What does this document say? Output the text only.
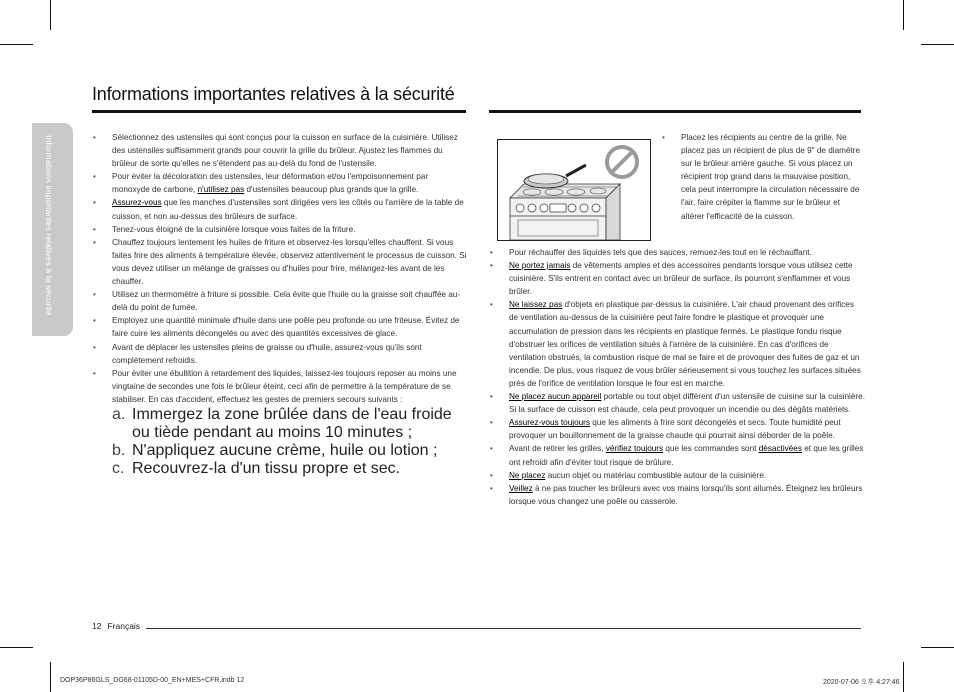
Informations importantes relatives à la sécurité
Informations importantes relatives à la sécurité
• Sélectionnez des ustensiles qui sont conçus pour la cuisson en surface de la cuisinière. Utilisez des ustensiles suffisamment grands pour couvrir la grille du brûleur. Ajustez les flammes du brûleur de sorte qu'elles ne s'étendent pas au-delà du fond de l'ustensile.
• Pour éviter la décoloration des ustensiles, leur déformation et/ou l'empoisonnement par monoxyde de carbone, n'utilisez pas d'ustensiles beaucoup plus grands que la grille.
• Assurez-vous que les manches d'ustensiles sont dirigées vers les côtés ou l'arrière de la table de cuisson, et non au-dessus des brûleurs de surface.
• Tenez-vous éloigné de la cuisinière lorsque vous faites de la friture.
• Chauffez toujours lentement les huiles de friture et observez-les lorsqu'elles chauffent. Si vous faites frire des aliments à température élevée, observez attentivement le processus de cuisson. Si vous devez utiliser un mélange de graisses ou d'huiles pour frire, mélangez-les avant de les chauffer.
• Utilisez un thermomètre à friture si possible. Cela évite que l'huile ou la graisse soit chauffée au-delà du point de fumée.
• Employez une quantité minimale d'huile dans une poêle peu profonde ou une friteuse. Évitez de faire cuire les aliments décongelés ou avec des quantités excessives de glace.
• Avant de déplacer les ustensiles pleins de graisse ou d'huile, assurez-vous qu'ils sont complètement refroidis.
• Pour éviter une ébullition à retardement des liquides, laissez-les toujours reposer au moins une vingtaine de secondes une fois le brûleur éteint, ceci afin de permettre à la température de se stabiliser. En cas d'accident, effectuez les gestes de premiers secours suivants :
a. Immergez la zone brûlée dans de l'eau froide ou tiède pendant au moins 10 minutes ;
b. N'appliquez aucune crème, huile ou lotion ;
c. Recouvrez-la d'un tissu propre et sec.
• Placez les récipients au centre de la grille. Ne placez pas un récipient de plus de 9" de diamètre sur le brûleur arrière gauche. Si vous placez un récipient trop grand dans la mauvaise position, cela peut interrompre la circulation nécessaire de l'air, faire crépiter la flamme sur le brûleur et altérer l'efficacité de la cuisson.
• Pour réchauffer des liquides tels que des sauces, remuez-les tout en le réchauffant.
• Ne portez jamais de vêtements amples et des accessoires pendants lorsque vous utilisez cette cuisinière. S'ils entrent en contact avec un brûleur de surface, ils pourront s'enflammer et vous brûler.
• Ne laissez pas d'objets en plastique par-dessus la cuisinière. L'air chaud provenant des orifices de ventilation au-dessus de la cuisinière peut faire fondre le plastique et provoquer une accumulation de pression dans les récipients en plastique fermés. Le plastique fondu risque d'obstruer les orifices de ventilation situés à l'arrière de la cuisinière. En cas d'orifices de ventilation obstrués, la combustion risque de mal se faire et de provoquer des fuites de gaz et un incendie. De plus, vous risquez de vous brûler sérieusement si vous touchez les surfaces situées près de l'orifice de ventilation lorsque le four est en marche.
• Ne placez aucun appareil portable ou tout objet différent d'un ustensile de cuisine sur la cuisinière. Si la surface de cuisson est chaude, cela peut provoquer un incendie ou des dégâts matériels.
• Assurez-vous toujours que les aliments à frire sont décongelés et secs. Toute humidité peut provoquer un bouillonnement de la graisse chaude qui pourrait ainsi déborder de la poêle.
• Avant de retirer les grilles, vérifiez toujours que les commandes sont désactivées et que les grilles ont refroidi afin d'éviter tout risque de brûlure.
• Ne placez aucun objet ou matériau combustible autour de la cuisinière.
• Veillez à ne pas toucher les brûleurs avec vos mains lorsqu'ils sont allumés. Éteignez les brûleurs lorsque vous changez une poêle ou casserole.
12 Français
DOP36P86GLS_DG68-01105D-00_EN+MES+CFR.indb 12	2020-07-06 오후 4:27:46
